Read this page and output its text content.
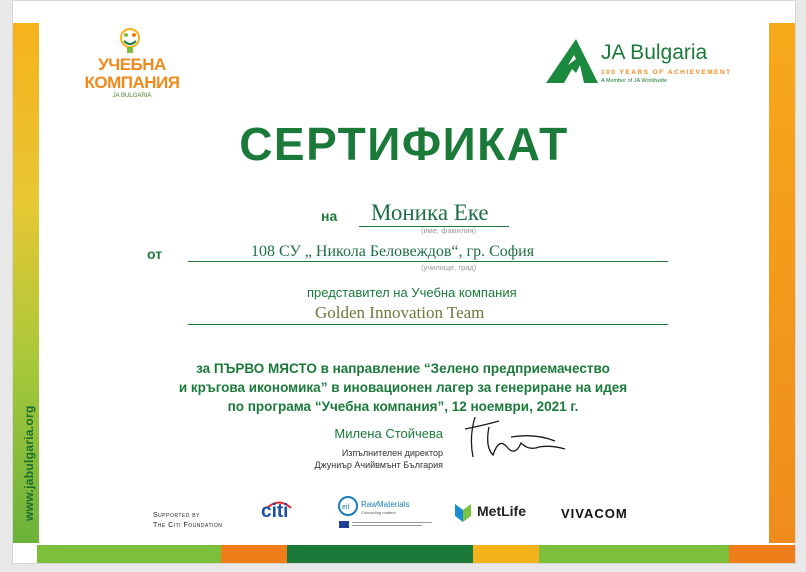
www.jabulgaria.org
УЧЕБНА
КОМПАНИЯ
JA BULGARIA
JA Bulgaria
100 YEARS OF ACHIEVEMENT
A Member of JA Worldwide
СЕРТИФИКАТ
на Моника Еке
(име, фамилия)
от	108 СУ „ Никола Беловеждов“, гр. София
(училище, град)
представител на Учебна компания
Golden Innovation Team
за ПЪРВО МЯСТО в направление “Зелено предприемачество
и кръгова икономика” в иновационен лагер за генериране на идея
по програма “Учебна компания”, 12 ноември, 2021 г.
Милена Стойчева
Изпълнителен директор
Джуниър Ачийвмънт България
Supported by
The Citi Foundation
citi	eit RawMaterials
Connecting matters	MetLife	VIVACOM
